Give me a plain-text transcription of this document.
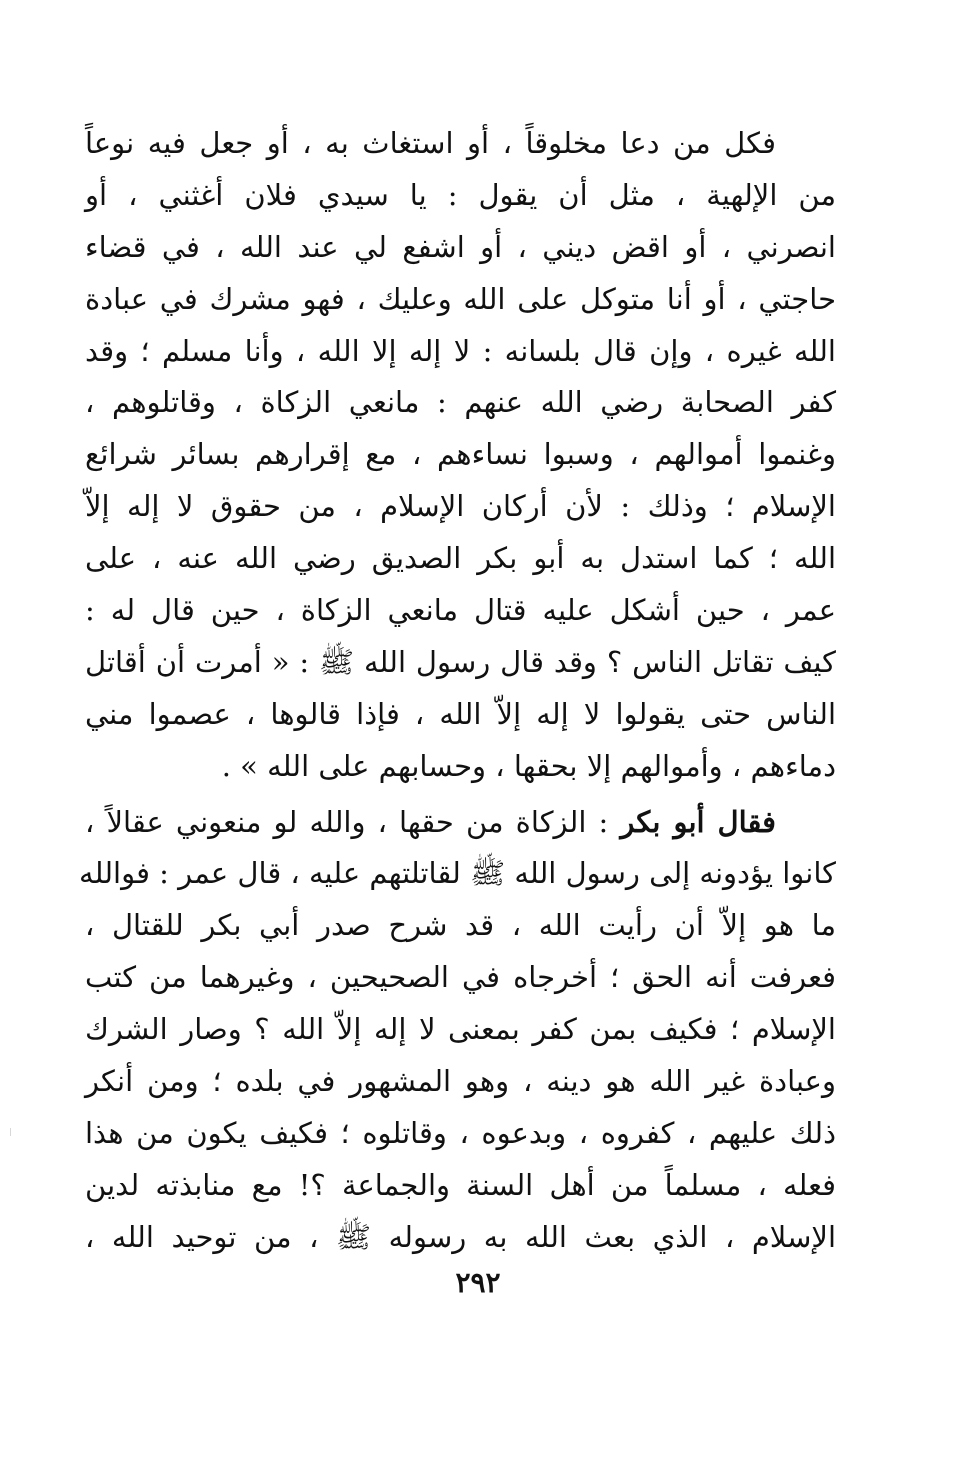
فكل من دعا مخلوقاً ، أو استغاث به ، أو جعل فيه نوعاً
من الإلهية ، مثل أن يقول : يا سيدي فلان أغثني ، أو
انصرني ، أو اقض ديني ، أو اشفع لي عند الله ، في قضاء
حاجتي ، أو أنا متوكل على الله وعليك ، فهو مشرك في عبادة
الله غيره ، وإن قال بلسانه : لا إله إلا الله ، وأنا مسلم ؛ وقد
كفر الصحابة رضي الله عنهم : مانعي الزكاة ، وقاتلوهم ،
وغنموا أموالهم ، وسبوا نساءهم ، مع إقرارهم بسائر شرائع
الإسلام ؛ وذلك : لأن أركان الإسلام ، من حقوق لا إله إلاّ
الله ؛ كما استدل به أبو بكر الصديق رضي الله عنه ، على
عمر ، حين أشكل عليه قتال مانعي الزكاة ، حين قال له :
كيف تقاتل الناس ؟ وقد قال رسول الله ﷺ : « أمرت أن أقاتل
الناس حتى يقولوا لا إله إلاّ الله ، فإذا قالوها ، عصموا مني
دماءهم ، وأموالهم إلا بحقها ، وحسابهم على الله » .
فقال أبو بكر : الزكاة من حقها ، والله لو منعوني عقالاً ،
كانوا يؤدونه إلى رسول الله ﷺ لقاتلتهم عليه ، قال عمر : فوالله
ما هو إلاّ أن رأيت الله ، قد شرح صدر أبي بكر للقتال ،
فعرفت أنه الحق ؛ أخرجاه في الصحيحين ، وغيرهما من كتب
الإسلام ؛ فكيف بمن كفر بمعنى لا إله إلاّ الله ؟ وصار الشرك
وعبادة غير الله هو دينه ، وهو المشهور في بلده ؛ ومن أنكر
ذلك عليهم ، كفروه ، وبدعوه ، وقاتلوه ؛ فكيف يكون من هذا
فعله ، مسلماً من أهل السنة والجماعة ؟! مع منابذته لدين
الإسلام ، الذي بعث الله به رسوله ﷺ ، من توحيد الله ،
٢٩٢
